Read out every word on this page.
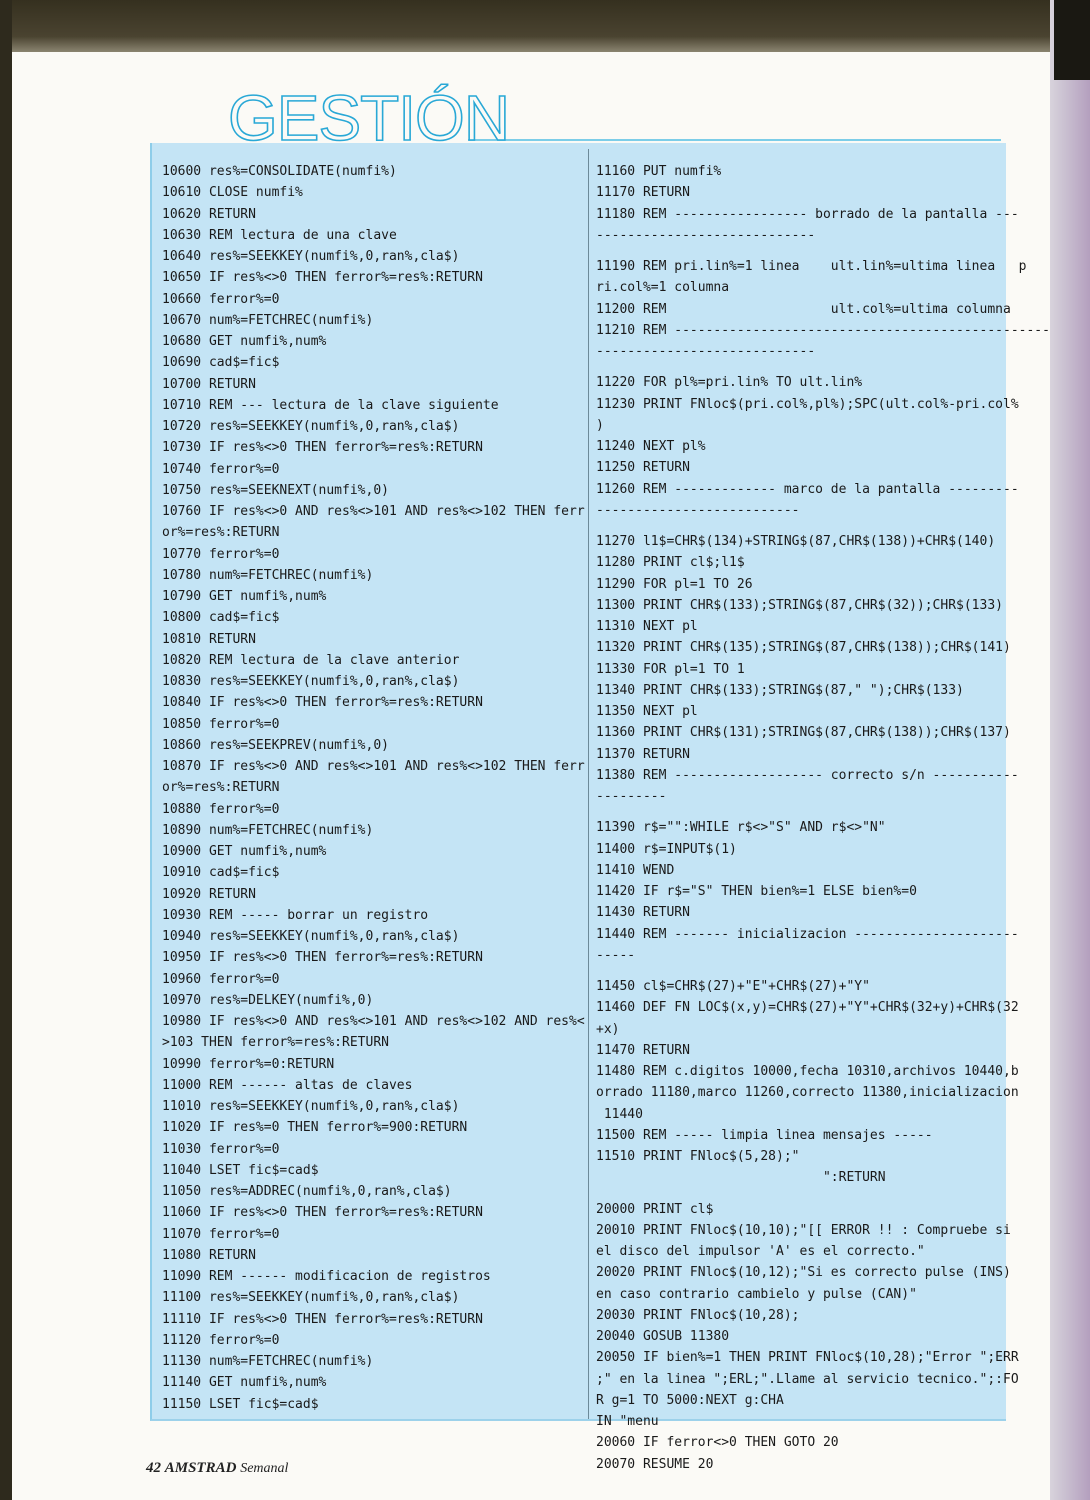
GESTIÓN
10600 res%=CONSOLIDATE(numfi%)
10610 CLOSE numfi%
10620 RETURN
10630 REM lectura de una clave
10640 res%=SEEKKEY(numfi%,0,ran%,cla$)
10650 IF res%<>0 THEN ferror%=res%:RETURN
10660 ferror%=0
10670 num%=FETCHREC(numfi%)
10680 GET numfi%,num%
10690 cad$=fic$
10700 RETURN
10710 REM --- lectura de la clave siguiente
10720 res%=SEEKKEY(numfi%,0,ran%,cla$)
10730 IF res%<>0 THEN ferror%=res%:RETURN
10740 ferror%=0
10750 res%=SEEKNEXT(numfi%,0)
10760 IF res%<>0 AND res%<>101 AND res%<>102 THEN ferr
or%=res%:RETURN
10770 ferror%=0
10780 num%=FETCHREC(numfi%)
10790 GET numfi%,num%
10800 cad$=fic$
10810 RETURN
10820 REM lectura de la clave anterior
10830 res%=SEEKKEY(numfi%,0,ran%,cla$)
10840 IF res%<>0 THEN ferror%=res%:RETURN
10850 ferror%=0
10860 res%=SEEKPREV(numfi%,0)
10870 IF res%<>0 AND res%<>101 AND res%<>102 THEN ferr
or%=res%:RETURN
10880 ferror%=0
10890 num%=FETCHREC(numfi%)
10900 GET numfi%,num%
10910 cad$=fic$
10920 RETURN
10930 REM ----- borrar un registro
10940 res%=SEEKKEY(numfi%,0,ran%,cla$)
10950 IF res%<>0 THEN ferror%=res%:RETURN
10960 ferror%=0
10970 res%=DELKEY(numfi%,0)
10980 IF res%<>0 AND res%<>101 AND res%<>102 AND res%<
>103 THEN ferror%=res%:RETURN
10990 ferror%=0:RETURN
11000 REM ------ altas de claves
11010 res%=SEEKKEY(numfi%,0,ran%,cla$)
11020 IF res%=0 THEN ferror%=900:RETURN
11030 ferror%=0
11040 LSET fic$=cad$
11050 res%=ADDREC(numfi%,0,ran%,cla$)
11060 IF res%<>0 THEN ferror%=res%:RETURN
11070 ferror%=0
11080 RETURN
11090 REM ------ modificacion de registros
11100 res%=SEEKKEY(numfi%,0,ran%,cla$)
11110 IF res%<>0 THEN ferror%=res%:RETURN
11120 ferror%=0
11130 num%=FETCHREC(numfi%)
11140 GET numfi%,num%
11150 LSET fic$=cad$
11160 PUT numfi%
11170 RETURN
11180 REM ----------------- borrado de la pantalla ---
----------------------------
11190 REM pri.lin%=1 linea    ult.lin%=ultima linea   p
ri.col%=1 columna
11200 REM                     ult.col%=ultima columna
11210 REM ------------------------------------------------
----------------------------
11220 FOR pl%=pri.lin% TO ult.lin%
11230 PRINT FNloc$(pri.col%,pl%);SPC(ult.col%-pri.col%
)
11240 NEXT pl%
11250 RETURN
11260 REM ------------- marco de la pantalla ---------
--------------------------
11270 l1$=CHR$(134)+STRING$(87,CHR$(138))+CHR$(140)
11280 PRINT cl$;l1$
11290 FOR pl=1 TO 26
11300 PRINT CHR$(133);STRING$(87,CHR$(32));CHR$(133)
11310 NEXT pl
11320 PRINT CHR$(135);STRING$(87,CHR$(138));CHR$(141)
11330 FOR pl=1 TO 1
11340 PRINT CHR$(133);STRING$(87," ");CHR$(133)
11350 NEXT pl
11360 PRINT CHR$(131);STRING$(87,CHR$(138));CHR$(137)
11370 RETURN
11380 REM ------------------- correcto s/n -----------
---------
11390 r$="":WHILE r$<>"S" AND r$<>"N"
11400 r$=INPUT$(1)
11410 WEND
11420 IF r$="S" THEN bien%=1 ELSE bien%=0
11430 RETURN
11440 REM ------- inicializacion ---------------------
-----
11450 cl$=CHR$(27)+"E"+CHR$(27)+"Y"
11460 DEF FN LOC$(x,y)=CHR$(27)+"Y"+CHR$(32+y)+CHR$(32
+x)
11470 RETURN
11480 REM c.digitos 10000,fecha 10310,archivos 10440,b
orrado 11180,marco 11260,correcto 11380,inicializacion
11440
11500 REM ----- limpia linea mensajes -----
11510 PRINT FNloc$(5,28);"
":RETURN
20000 PRINT cl$
20010 PRINT FNloc$(10,10);"[[ ERROR !! : Compruebe si
el disco del impulsor 'A' es el correcto."
20020 PRINT FNloc$(10,12);"Si es correcto pulse (INS)
en caso contrario cambielo y pulse (CAN)"
20030 PRINT FNloc$(10,28);
20040 GOSUB 11380
20050 IF bien%=1 THEN PRINT FNloc$(10,28);"Error ";ERR
;" en la linea ";ERL;".Llame al servicio tecnico.";:FO
R g=1 TO 5000:NEXT g:CHA
IN "menu
20060 IF ferror<>0 THEN GOTO 20
20070 RESUME 20
42 AMSTRAD Semanal
